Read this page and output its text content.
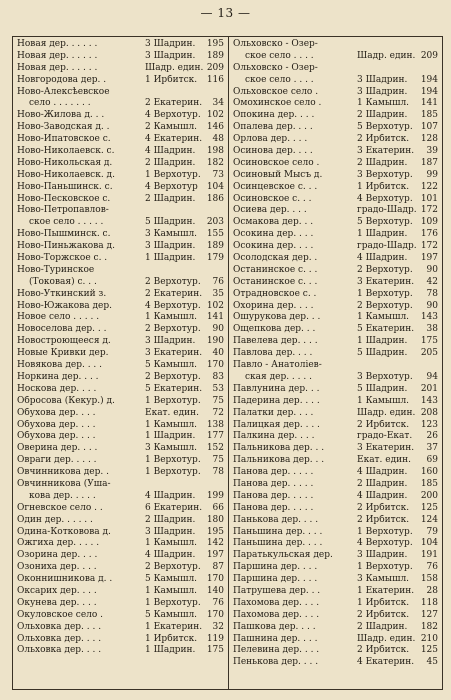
— 13 —
Новая дер. . . . . .	3 Шадрин. 195
Новая дер. . . . . .	3 Шадрин. 189
Новая дер. . . . . .	Шадр. един. 209
Новгородова дер. .	1 Ирбитск. 116
Ново-Алексѣевское
село . . . . . . .	2 Екатерин. 34
Ново-Жилова д. . .	4 Верхотур. 102
Ново-Заводская д. .	2 Камышл. 146
Ново-Ипатовское с.	4 Екатерин. 48
Ново-Николаевск. с.	4 Шадрин. 198
Ново-Никольская д.	2 Шадрин. 182
Ново-Николаевск. д.	1 Верхотур. 73
Ново-Паньшинск. с.	4 Верхотур 104
Ново-Песковское с.	2 Шадрин. 186
Ново-Петропавлов-
ское село . . . . .	5 Шадрин. 203
Ново-Пышминск. с.	3 Камышл. 155
Ново-Пиньжакова д.	3 Шадрин. 189
Ново-Торжское с. .	1 Шадрин. 179
Ново-Туринское
(Токовая) с. . .	2 Верхотур. 76
Ново-Уткинский з.	2 Екатерин. 35
Ново-Южакова дер.	4 Верхотур. 102
Новое село . . . . .	1 Камышл. 141
Новоселова дер. . .	2 Верхотур. 90
Новостроющееся д.	3 Шадрин. 190
Новые Кривки дер.	3 Екатерин. 40
Новякова дер. . . .	5 Камышл. 170
Норкина дер. . . .	2 Верхотур. 83
Носкова дер. . . .	5 Екатерин. 53
Обросова (Кекур.) д.	1 Верхотур. 75
Обухова дер. . . .	Екат. един. 72
Обухова дер. . . .	1 Камышл. 138
Обухова дер. . . .	1 Шадрин. 177
Оверина дер. . . .	3 Камышл. 152
Овраги дер. . . . .	1 Верхотур. 75
Овчинникова дер. .	1 Верхотур. 78
Овчинникова (Уша-
кова дер. . . . .	4 Шадрин. 199
Огневское село . .	6 Екатерин. 66
Один дер. . . . . .	2 Шадрин. 180
Одина-Коткoвова д.	3 Шадрин. 195
Ожгиха дер. . . . .	1 Камышл. 142
Озорина дер. . . .	4 Шадрин. 197
Озониха дер. . . .	2 Верхотур. 87
Оконнишникова д. .	5 Камышл. 170
Оксарих дер. . . .	1 Камышл. 140
Окунева дер. . . .	1 Верхотур. 76
Окуловское село .	5 Камышл. 170
Ольховка дер. . . .	1 Екатерин. 32
Ольховка дер. . . .	1 Ирбитск. 119
Ольховка дер. . . .	1 Шадрин. 175
Ольховско - Озер-
ское село . . . .	Шадр. един. 209
Ольховско - Озер-
ское село . . . .	3 Шадрин. 194
Ольховское село .	3 Шадрин. 194
Омохинское село .	1 Камышл. 141
Опокина дер. . . .	2 Шадрин. 185
Опалева дер. . . .	5 Верхотур. 107
Орлова дер. . . .	2 Ирбитск. 128
Осинова дер. . . .	3 Екатерин. 39
Осиновское село .	2 Шадрин. 187
Осиновый Мысъ д.	3 Верхотур. 99
Осинцевское с. . .	1 Ирбитск. 122
Осиновское с. . .	4 Верхотур. 101
Осиева дер. . . .	градо-Шадр. 172
Осмакова дер. . .	5 Верхотур. 109
Осокина дер. . . .	1 Шадрин. 176
Осокина дер. . . .	градо-Шадр. 172
Осолодская дер. .	4 Шадрин. 197
Останинское с. . .	2 Верхотур. 90
Останинское с. . .	3 Екатерин. 42
Отрадновское с. .	1 Верхотур. 78
Охорина дер. . . .	2 Верхотур. 90
Ошурукова дер. . .	1 Камышл. 143
Ощепкова дер. . .	5 Екатерин. 38
Павелева дер. . . .	1 Шадрин. 175
Павлова дер. . . .	5 Шадрин. 205
Павло - Анатолiев-
ская дер. . . . .	3 Верхотур. 94
Павлунина дер. . .	5 Шадрин. 201
Падерина дер. . . .	1 Камышл. 143
Палатки дер. . . .	Шадр. един. 208
Палицкая дер. . . .	2 Ирбитск. 123
Палкина дер. . . .	градо-Екат. 26
Пальникова дер. . .	3 Екатерин. 37
Пальникова дер. . .	Екат. един. 69
Панова дер. . . . .	4 Шадрин. 160
Панова дер. . . . .	2 Шадрин. 185
Панова дер. . . . .	4 Шадрин. 200
Панова дер. . . . .	2 Ирбитск. 125
Панькова дер. . . .	2 Ирбитск. 124
Паньшина дер. . . .	1 Верхотур. 79
Паньшина дер. . . .	4 Верхотур. 104
Паратькульская дер.	3 Шадрин.	191
Паршина дер. . . .	1 Верхотур. 76
Паршина дер. . . .	3 Камышл. 158
Патрушева дер. . .	1 Екатерин. 28
Пахомова дер. . . .	1 Ирбитск. 118
Пахомова дер. . . .	2 Ирбитск. 127
Пашкова дер. . . .	2 Шадрин. 182
Пашнина дер. . . .	Шадр. един. 210
Пелевина дер. . . .	2 Ирбитск. 125
Пенькова дер. . . .	4 Екатерин. 45
